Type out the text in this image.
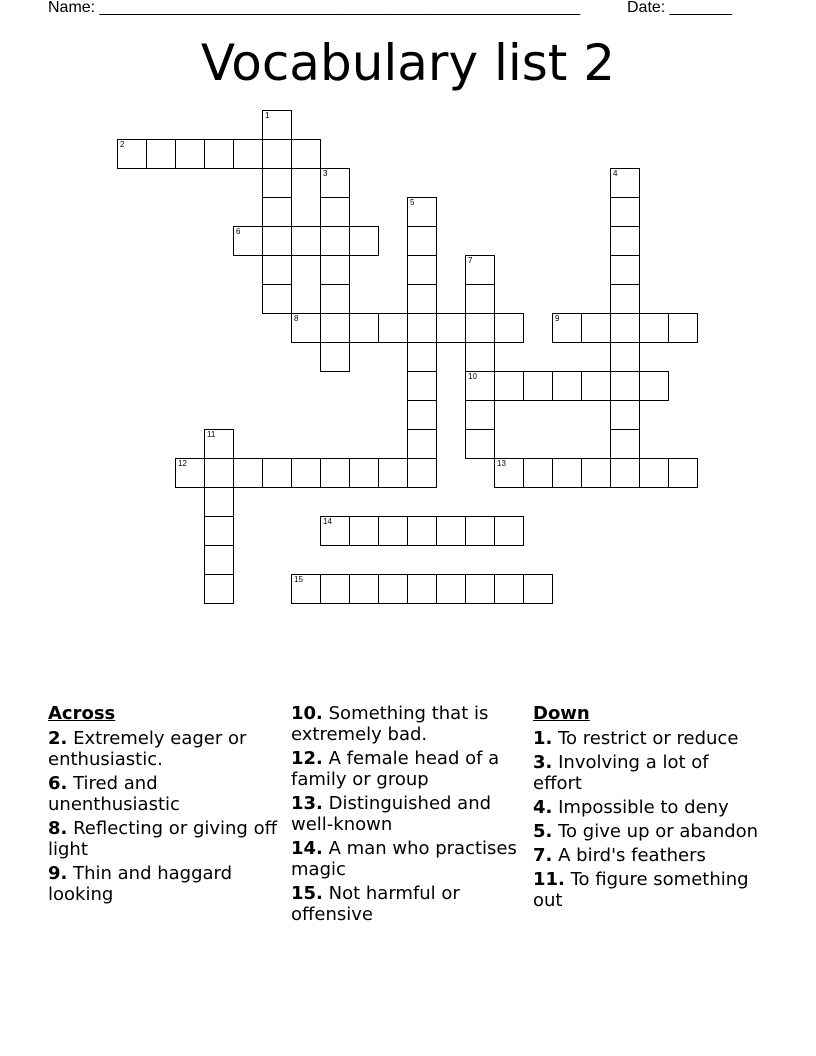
Name: ______________________________________________________	Date: _______
Vocabulary list 2
2
6
8	9
10
12	13
14
15
1
3	4
5
7
11
Across
2. Extremely eager or enthusiastic.
6. Tired and unenthusiastic
8. Reflecting or giving off light
9. Thin and haggard looking
10. Something that is extremely bad.
12. A female head of a family or group
13. Distinguished and well-known
14. A man who practises magic
15. Not harmful or offensive
Down
1. To restrict or reduce
3. Involving a lot of effort
4. Impossible to deny
5. To give up or abandon
7. A bird's feathers
11. To figure something out
